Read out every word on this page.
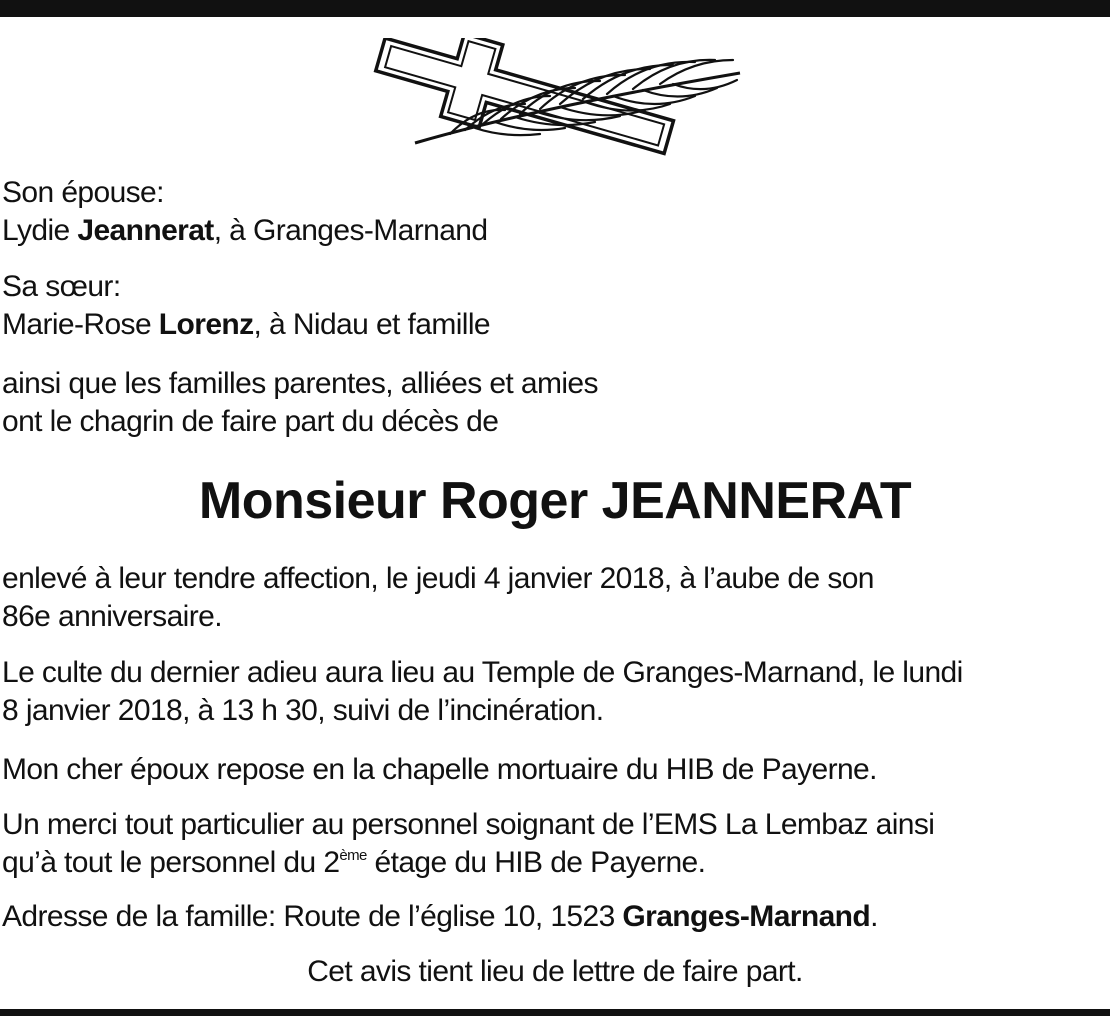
Son épouse:
Lydie Jeannerat, à Granges-Marnand
Sa sœur:
Marie-Rose Lorenz, à Nidau et famille
ainsi que les familles parentes, alliées et amies
ont le chagrin de faire part du décès de
Monsieur Roger JEANNERAT
enlevé à leur tendre affection, le jeudi 4 janvier 2018, à l’aube de son
86e anniversaire.
Le culte du dernier adieu aura lieu au Temple de Granges-Marnand, le lundi
8 janvier 2018, à 13 h 30, suivi de l’incinération.
Mon cher époux repose en la chapelle mortuaire du HIB de Payerne.
Un merci tout particulier au personnel soignant de l’EMS La Lembaz ainsi
qu’à tout le personnel du 2ème étage du HIB de Payerne.
Adresse de la famille: Route de l’église 10, 1523 Granges-Marnand.
Cet avis tient lieu de lettre de faire part.
